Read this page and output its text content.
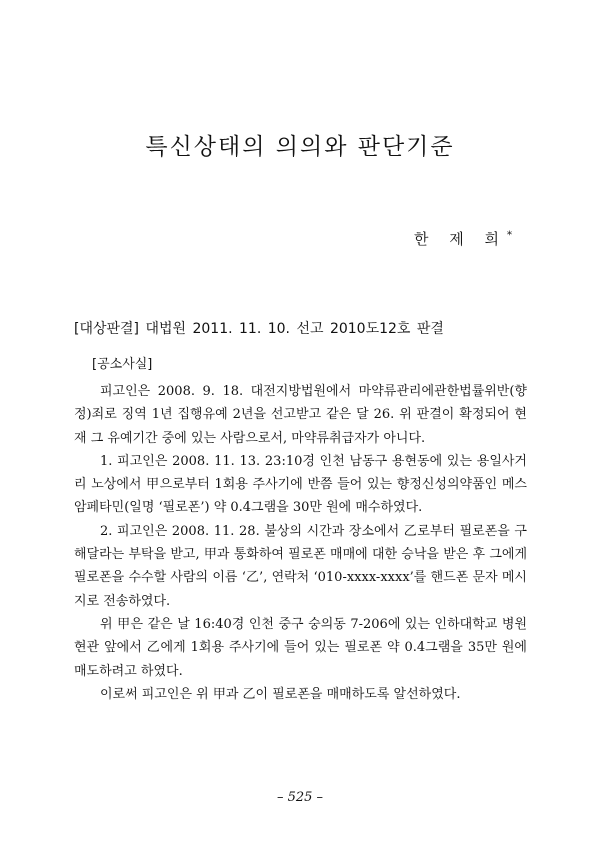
특신상태의 의의와 판단기준
한 제 희*
[대상판결] 대법원 2011. 11. 10. 선고 2010도12호 판결
[공소사실]

피고인은 2008. 9. 18. 대전지방법원에서 마약류관리에관한법률위반(향정)죄로 징역 1년 집행유예 2년을 선고받고 같은 달 26. 위 판결이 확정되어 현재 그 유예기간 중에 있는 사람으로서, 마약류취급자가 아니다.

1. 피고인은 2008. 11. 13. 23:10경 인천 남동구 용현동에 있는 용일사거리 노상에서 甲으로부터 1회용 주사기에 반쯤 들어 있는 향정신성의약품인 메스암페타민(일명 ‘필로폰’) 약 0.4그램을 30만 원에 매수하였다.

2. 피고인은 2008. 11. 28. 불상의 시간과 장소에서 乙로부터 필로폰을 구해달라는 부탁을 받고, 甲과 통화하여 필로폰 매매에 대한 승낙을 받은 후 그에게 필로폰을 수수할 사람의 이름 ‘乙’, 연락처 ‘010-xxxx-xxxx’를 핸드폰 문자 메시지로 전송하였다.

위 甲은 같은 날 16:40경 인천 중구 숭의동 7-206에 있는 인하대학교 병원 현관 앞에서 乙에게 1회용 주사기에 들어 있는 필로폰 약 0.4그램을 35만 원에 매도하려고 하였다.

이로써 피고인은 위 甲과 乙이 필로폰을 매매하도록 알선하였다.

– 525 –
